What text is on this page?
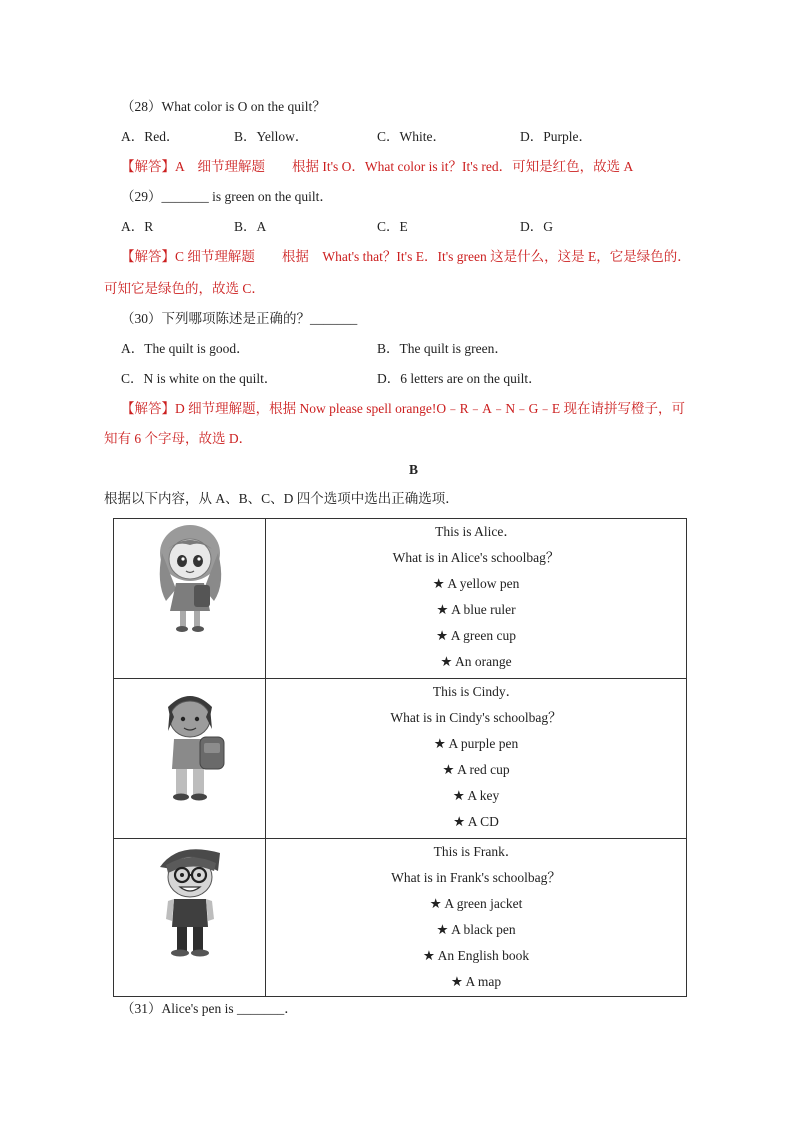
（28）What color is O on the quilt？
A．Red．	B．Yellow．	C．White．	D．Purple．
【解答】A　细节理解题　　根据 It's O．What color is it？It's red．可知是红色，故选 A
（29）_______ is green on the quilt．
A．R	B．A	C．E	D．G
【解答】C 细节理解题　　根据　What's that？It's E．It's green 这是什么，这是 E，它是绿色的．
可知它是绿色的，故选 C．
（30）下列哪项陈述是正确的？_______
A．The quilt is good．	B．The quilt is green．
C．N is white on the quilt．	D．6 letters are on the quilt．
【解答】D 细节理解题，根据 Now please spell orange!O﹣R﹣A﹣N﹣G﹣E 现在请拼写橙子，可
知有 6 个字母，故选 D．
B
根据以下内容，从 A、B、C、D 四个选项中选出正确选项．
This is Alice．
What is in Alice's schoolbag？
★ A yellow pen
★ A blue ruler
★ A green cup
★ An orange
This is Cindy．
What is in Cindy's schoolbag？
★ A purple pen
★ A red cup
★ A key
★ A CD
This is Frank．
What is in Frank's schoolbag？
★ A green jacket
★ A black pen
★ An English book
★ A map
（31）Alice's pen is _______．
